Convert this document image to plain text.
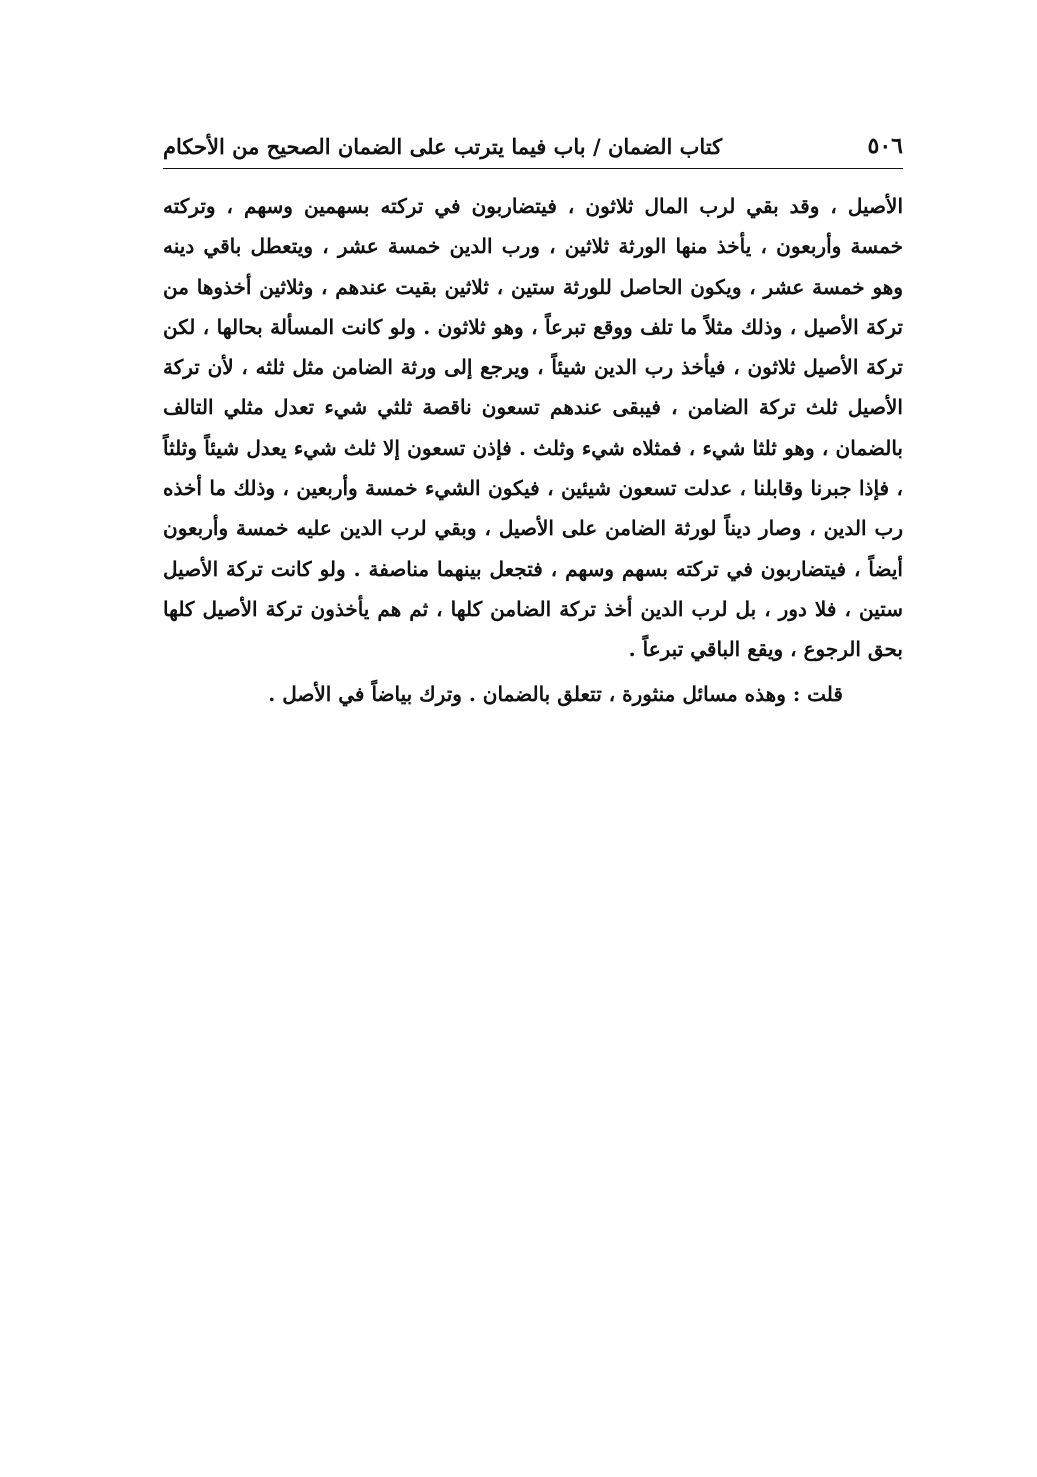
٥٠٦
كتاب الضمان / باب فيما يترتب على الضمان الصحيح من الأحكام

الأصيل ، وقد بقي لرب المال ثلاثون ، فيتضاربون في تركته بسهمين وسهم ، وتركته خمسة وأربعون ، يأخذ منها الورثة ثلاثين ، ورب الدين خمسة عشر ، ويتعطل باقي دينه وهو خمسة عشر ، ويكون الحاصل للورثة ستين ، ثلاثين بقيت عندهم ، وثلاثين أخذوها من تركة الأصيل ، وذلك مثلاً ما تلف ووقع تبرعاً ، وهو ثلاثون . ولو كانت المسألة بحالها ، لكن تركة الأصيل ثلاثون ، فيأخذ رب الدين شيئاً ، ويرجع إلى ورثة الضامن مثل ثلثه ، لأن تركة الأصيل ثلث تركة الضامن ، فيبقى عندهم تسعون ناقصة ثلثي شيء تعدل مثلي التالف بالضمان ، وهو ثلثا شيء ، فمثلاه شيء وثلث . فإذن تسعون إلا ثلث شيء يعدل شيئاً وثلثاً ، فإذا جبرنا وقابلنا ، عدلت تسعون شيئين ، فيكون الشيء خمسة وأربعين ، وذلك ما أخذه رب الدين ، وصار ديناً لورثة الضامن على الأصيل ، وبقي لرب الدين عليه خمسة وأربعون أيضاً ، فيتضاربون في تركته بسهم وسهم ، فتجعل بينهما مناصفة . ولو كانت تركة الأصيل ستين ، فلا دور ، بل لرب الدين أخذ تركة الضامن كلها ، ثم هم يأخذون تركة الأصيل كلها بحق الرجوع ، ويقع الباقي تبرعاً .

قلت : وهذه مسائل منثورة ، تتعلق بالضمان . وترك بياضاً في الأصل .
